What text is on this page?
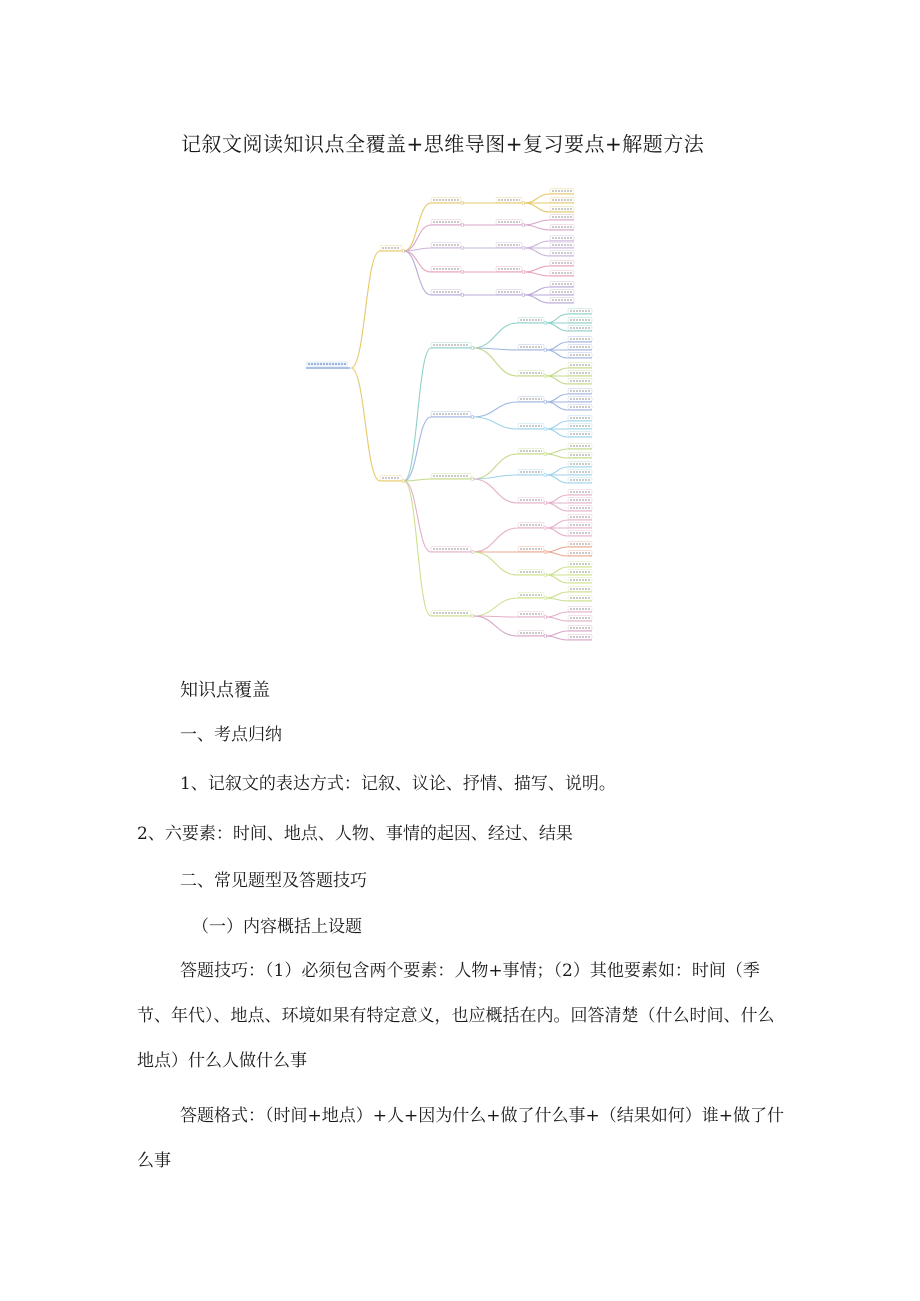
记叙文阅读知识点全覆盖+思维导图+复习要点+解题方法
知识点覆盖

一、考点归纳

1、记叙文的表达方式：记叙、议论、抒情、描写、说明。

2、六要素：时间、地点、人物、事情的起因、经过、结果

二、常见题型及答题技巧

（一）内容概括上设题

答题技巧：（1）必须包含两个要素：人物+事情；（2）其他要素如：时间（季节、年代）、地点、环境如果有特定意义，也应概括在内。回答清楚（什么时间、什么地点）什么人做什么事

答题格式：（时间+地点）+人+因为什么+做了什么事+（结果如何）谁+做了什么事
